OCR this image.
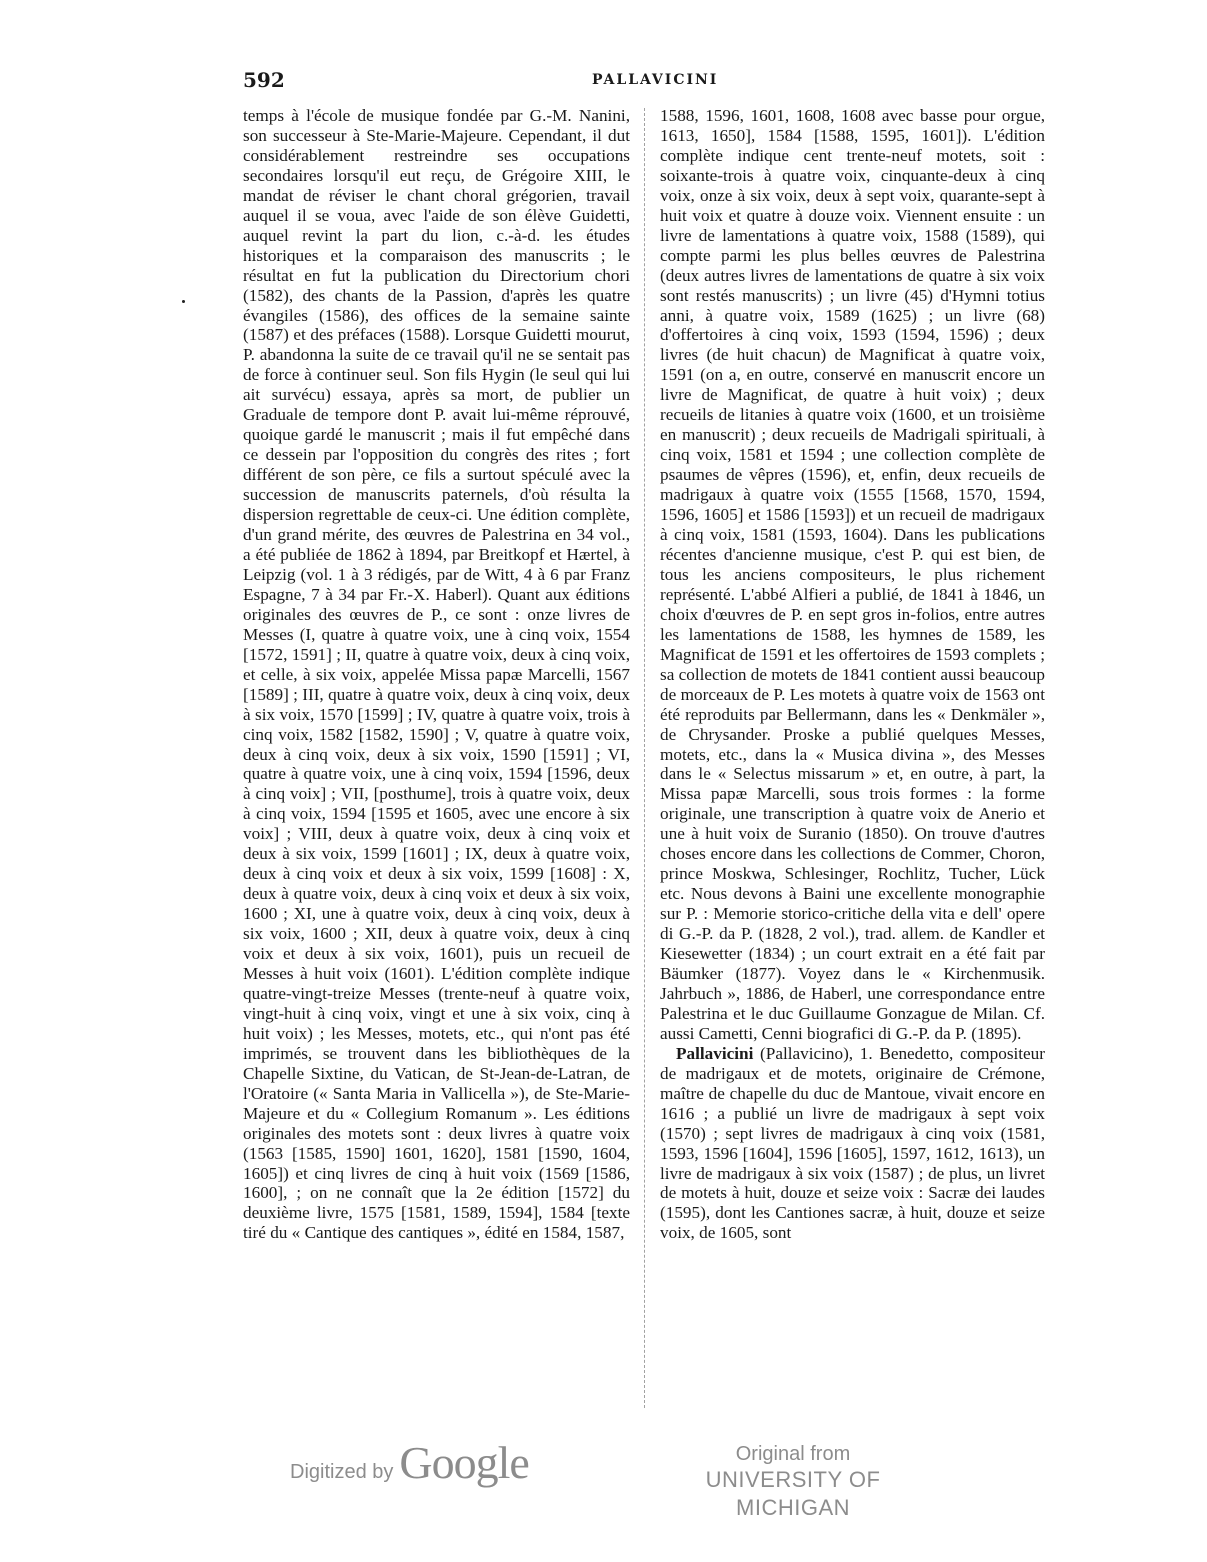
592	PALLAVICINI

temps à l'école de musique fondée par G.-M. Nanini, son successeur à Ste-Marie-Majeure. Cependant, il dut considérablement restreindre ses occupations secondaires lorsqu'il eut reçu, de Grégoire XIII, le mandat de réviser le chant choral grégorien, travail auquel il se voua, avec l'aide de son élève Guidetti, auquel revint la part du lion, c.-à-d. les études historiques et la comparaison des manuscrits ; le résultat en fut la publication du Directorium chori (1582), des chants de la Passion, d'après les quatre évangiles (1586), des offices de la semaine sainte (1587) et des préfaces (1588). Lorsque Guidetti mourut, P. abandonna la suite de ce travail qu'il ne se sentait pas de force à continuer seul. Son fils Hygin (le seul qui lui ait survécu) essaya, après sa mort, de publier un Graduale de tempore dont P. avait lui-même réprouvé, quoique gardé le manuscrit ; mais il fut empêché dans ce dessein par l'opposition du congrès des rites ; fort différent de son père, ce fils a surtout spéculé avec la succession de manuscrits paternels, d'où résulta la dispersion regrettable de ceux-ci. Une édition complète, d'un grand mérite, des œuvres de Palestrina en 34 vol., a été publiée de 1862 à 1894, par Breitkopf et Hærtel, à Leipzig (vol. 1 à 3 rédigés, par de Witt, 4 à 6 par Franz Espagne, 7 à 34 par Fr.-X. Haberl). Quant aux éditions originales des œuvres de P., ce sont : onze livres de Messes (I, quatre à quatre voix, une à cinq voix, 1554 [1572, 1591] ; II, quatre à quatre voix, deux à cinq voix, et celle, à six voix, appelée Missa papæ Marcelli, 1567 [1589] ; III, quatre à quatre voix, deux à cinq voix, deux à six voix, 1570 [1599] ; IV, quatre à quatre voix, trois à cinq voix, 1582 [1582, 1590] ; V, quatre à quatre voix, deux à cinq voix, deux à six voix, 1590 [1591] ; VI, quatre à quatre voix, une à cinq voix, 1594 [1596, deux à cinq voix] ; VII, [posthume], trois à quatre voix, deux à cinq voix, 1594 [1595 et 1605, avec une encore à six voix] ; VIII, deux à quatre voix, deux à cinq voix et deux à six voix, 1599 [1601] ; IX, deux à quatre voix, deux à cinq voix et deux à six voix, 1599 [1608] : X, deux à quatre voix, deux à cinq voix et deux à six voix, 1600 ; XI, une à quatre voix, deux à cinq voix, deux à six voix, 1600 ; XII, deux à quatre voix, deux à cinq voix et deux à six voix, 1601), puis un recueil de Messes à huit voix (1601). L'édition complète indique quatre-vingt-treize Messes (trente-neuf à quatre voix, vingt-huit à cinq voix, vingt et une à six voix, cinq à huit voix) ; les Messes, motets, etc., qui n'ont pas été imprimés, se trouvent dans les bibliothèques de la Chapelle Sixtine, du Vatican, de St-Jean-de-Latran, de l'Oratoire (« Santa Maria in Vallicella »), de Ste-Marie-Majeure et du « Collegium Romanum ». Les éditions originales des motets sont : deux livres à quatre voix (1563 [1585, 1590] 1601, 1620], 1581 [1590, 1604, 1605]) et cinq livres de cinq à huit voix (1569 [1586, 1600], ; on ne connaît que la 2e édition [1572] du deuxième livre, 1575 [1581, 1589, 1594], 1584 [texte tiré du « Cantique des cantiques », édité en 1584, 1587,

1588, 1596, 1601, 1608, 1608 avec basse pour orgue, 1613, 1650], 1584 [1588, 1595, 1601]). L'édition complète indique cent trente-neuf motets, soit : soixante-trois à quatre voix, cinquante-deux à cinq voix, onze à six voix, deux à sept voix, quarante-sept à huit voix et quatre à douze voix. Viennent ensuite : un livre de lamentations à quatre voix, 1588 (1589), qui compte parmi les plus belles œuvres de Palestrina (deux autres livres de lamentations de quatre à six voix sont restés manuscrits) ; un livre (45) d'Hymni totius anni, à quatre voix, 1589 (1625) ; un livre (68) d'offertoires à cinq voix, 1593 (1594, 1596) ; deux livres (de huit chacun) de Magnificat à quatre voix, 1591 (on a, en outre, conservé en manuscrit encore un livre de Magnificat, de quatre à huit voix) ; deux recueils de litanies à quatre voix (1600, et un troisième en manuscrit) ; deux recueils de Madrigali spirituali, à cinq voix, 1581 et 1594 ; une collection complète de psaumes de vêpres (1596), et, enfin, deux recueils de madrigaux à quatre voix (1555 [1568, 1570, 1594, 1596, 1605] et 1586 [1593]) et un recueil de madrigaux à cinq voix, 1581 (1593, 1604). Dans les publications récentes d'ancienne musique, c'est P. qui est bien, de tous les anciens compositeurs, le plus richement représenté. L'abbé Alfieri a publié, de 1841 à 1846, un choix d'œuvres de P. en sept gros in-folios, entre autres les lamentations de 1588, les hymnes de 1589, les Magnificat de 1591 et les offertoires de 1593 complets ; sa collection de motets de 1841 contient aussi beaucoup de morceaux de P. Les motets à quatre voix de 1563 ont été reproduits par Bellermann, dans les « Denkmäler », de Chrysander. Proske a publié quelques Messes, motets, etc., dans la « Musica divina », des Messes dans le « Selectus missarum » et, en outre, à part, la Missa papæ Marcelli, sous trois formes : la forme originale, une transcription à quatre voix de Anerio et une à huit voix de Suranio (1850). On trouve d'autres choses encore dans les collections de Commer, Choron, prince Moskwa, Schlesinger, Rochlitz, Tucher, Lück etc. Nous devons à Baini une excellente monographie sur P. : Memorie storico-critiche della vita e dell' opere di G.-P. da P. (1828, 2 vol.), trad. allem. de Kandler et Kiesewetter (1834) ; un court extrait en a été fait par Bäumker (1877). Voyez dans le « Kirchenmusik. Jahrbuch », 1886, de Haberl, une correspondance entre Palestrina et le duc Guillaume Gonzague de Milan. Cf. aussi Cametti, Cenni biografici di G.-P. da P. (1895).

Pallavicini (Pallavicino), 1. Benedetto, compositeur de madrigaux et de motets, originaire de Crémone, maître de chapelle du duc de Mantoue, vivait encore en 1616 ; a publié un livre de madrigaux à sept voix (1570) ; sept livres de madrigaux à cinq voix (1581, 1593, 1596 [1604], 1596 [1605], 1597, 1612, 1613), un livre de madrigaux à six voix (1587) ; de plus, un livret de motets à huit, douze et seize voix : Sacræ dei laudes (1595), dont les Cantiones sacræ, à huit, douze et seize voix, de 1605, sont

Digitized by Google	Original from
UNIVERSITY OF MICHIGAN
